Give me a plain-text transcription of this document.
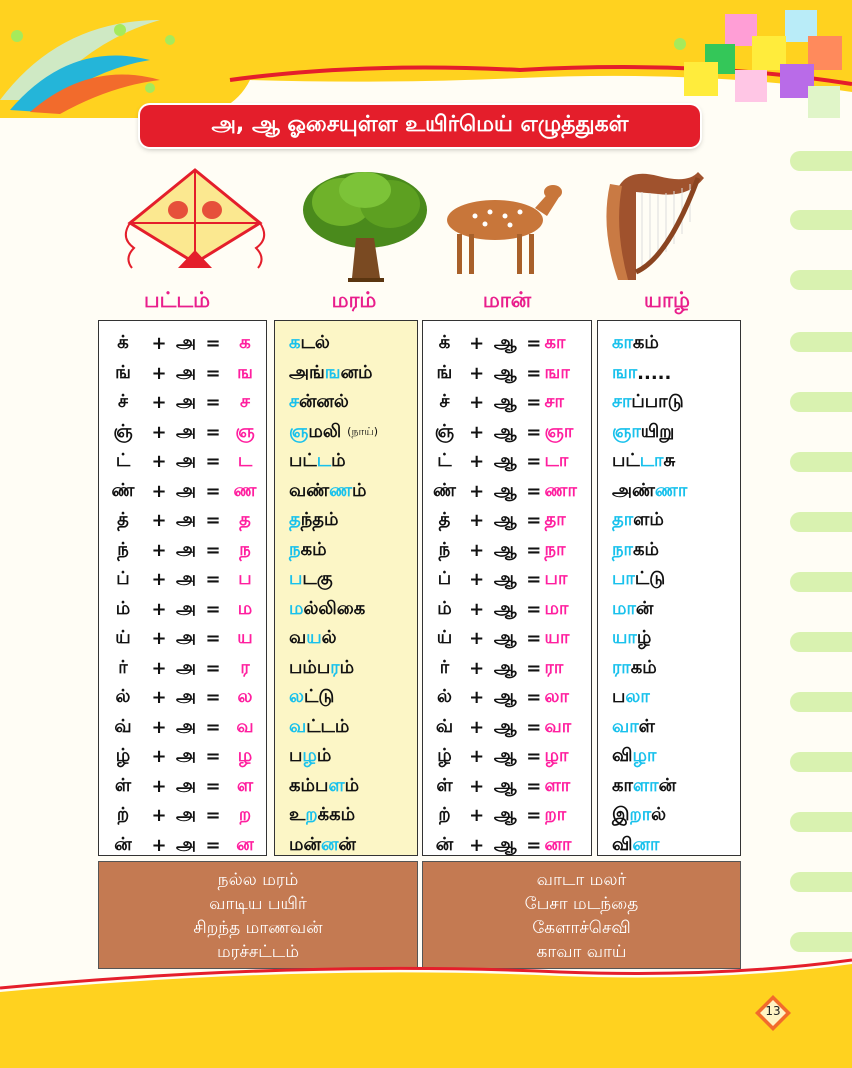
அ, ஆ ஓசையுள்ள உயிர்மெய் எழுத்துகள்
பட்டம்	மரம்	மான்	யாழ்
க்	+ அ =	க
ங்	+ அ = ங
ச்	+ அ =	ச
ஞ்	+ அ = ஞ
ட்	+ அ = ட
ண் + அ = ண
த்	+ அ =	த
ந்	+ அ =	ந
ப்	+ அ = ப
ம்	+ அ = ம
ய்	+ அ = ய
ர்	+ அ =	ர
ல்	+ அ = ல
வ்	+ அ = வ
ழ்	+ அ = ழ
ள்	+ அ = ள
ற்	+ அ =	ற
ன்	+ அ = ன
க டல்
அங் ங னம்
ச ன்னல்
ஞ மலி (நாய்)
பட் ட ம்
வண் ண ம்
த ந்தம்
ந கம்
ப டகு
ம ல்லிகை
வ ய ல்
பம்ப ர ம்
ல ட்டு
வ ட்டம்
ப ழ ம்
கம்ப ள ம்
உ ற க்கம்
மன் ன ன்
க்	+ ஆ = கா
ங் + ஆ = ஙா
ச்	+ ஆ = சா
ஞ் + ஆ = ஞா
ட் + ஆ = டா
ண் + ஆ = ணா
த்	+ ஆ = தா
ந்	+ ஆ = நா
ப் + ஆ = பா
ம் + ஆ = மா
ய் + ஆ = யா
ர்	+ ஆ = ரா
ல் + ஆ = லா
வ் + ஆ = வா
ழ் + ஆ = ழா
ள் + ஆ = ளா
ற்	+ ஆ = றா
ன் + ஆ = னா
கா கம்
ஙா .....
சா ப்பாடு
ஞா யிறு
பட் டா சு
அண் ணா
தா ளம்
நா கம்
பா ட்டு
மா ன்
யா ழ்
ரா கம்
ப லா
வா ள்
வி ழா
கா ளா ன்
இ றா ல்
வி னா
நல்ல மரம்
வாடிய பயிர்
சிறந்த மாணவன்
மரச்சட்டம்
வாடா மலர்
பேசா மடந்தை
கேளாச்செவி
காவா வாய்
13
